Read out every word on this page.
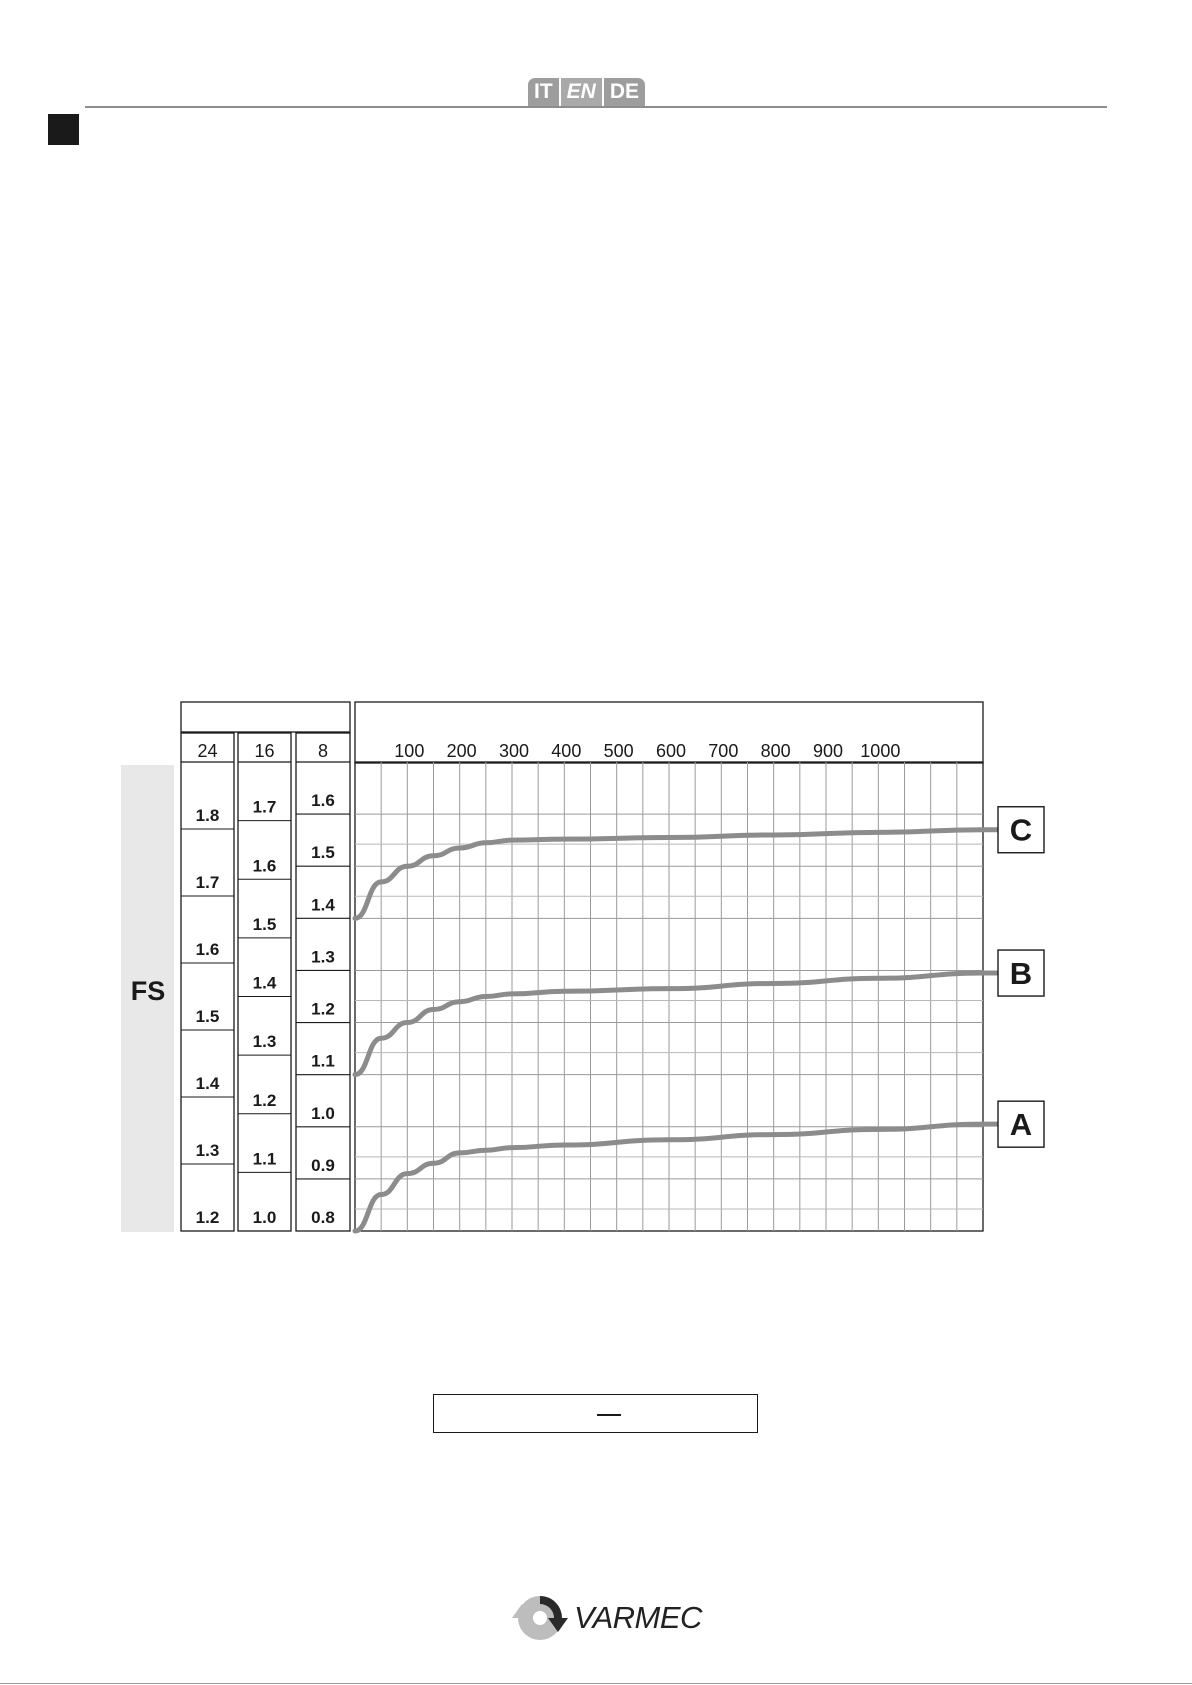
IT EN DE
FS
24
1.8
1.7
1.6
1.5
1.4
1.3
1.2
16
1.7
1.6
1.5
1.4
1.3
1.2
1.1
1.0
8
1.6
1.5
1.4
1.3
1.2
1.1
1.0
0.9
0.8
100 200 300 400 500 600 700 800 900 1000
A
B
C
VARMEC
